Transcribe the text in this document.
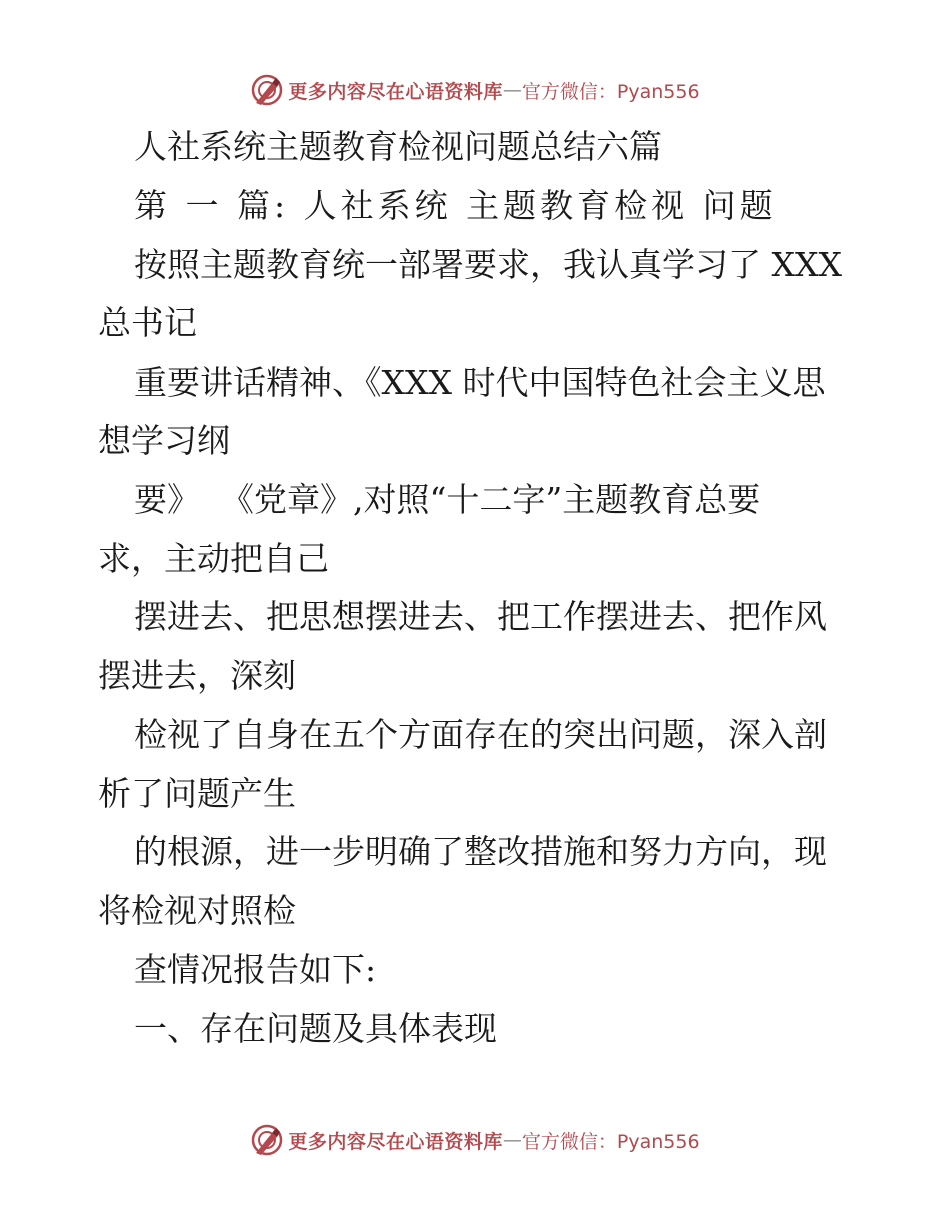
更多内容尽在心语资料库 — 官方微信：Pyan556
人社系统主题教育检视问题总结六篇
第 一 篇: 人社系统 主题教育检视 问题
按照主题教育统一部署要求，我认真学习了 XXX
总书记
重要讲话精神、《XXX 时代中国特色社会主义思
想学习纲
要》  《党章》,对照“十二字”主题教育总要
求，主动把自己
摆进去、把思想摆进去、把工作摆进去、把作风
摆进去，深刻
检视了自身在五个方面存在的突出问题，深入剖
析了问题产生
的根源，进一步明确了整改措施和努力方向，现
将检视对照检
查情况报告如下:
一、存在问题及具体表现
更多内容尽在心语资料库 — 官方微信：Pyan556
